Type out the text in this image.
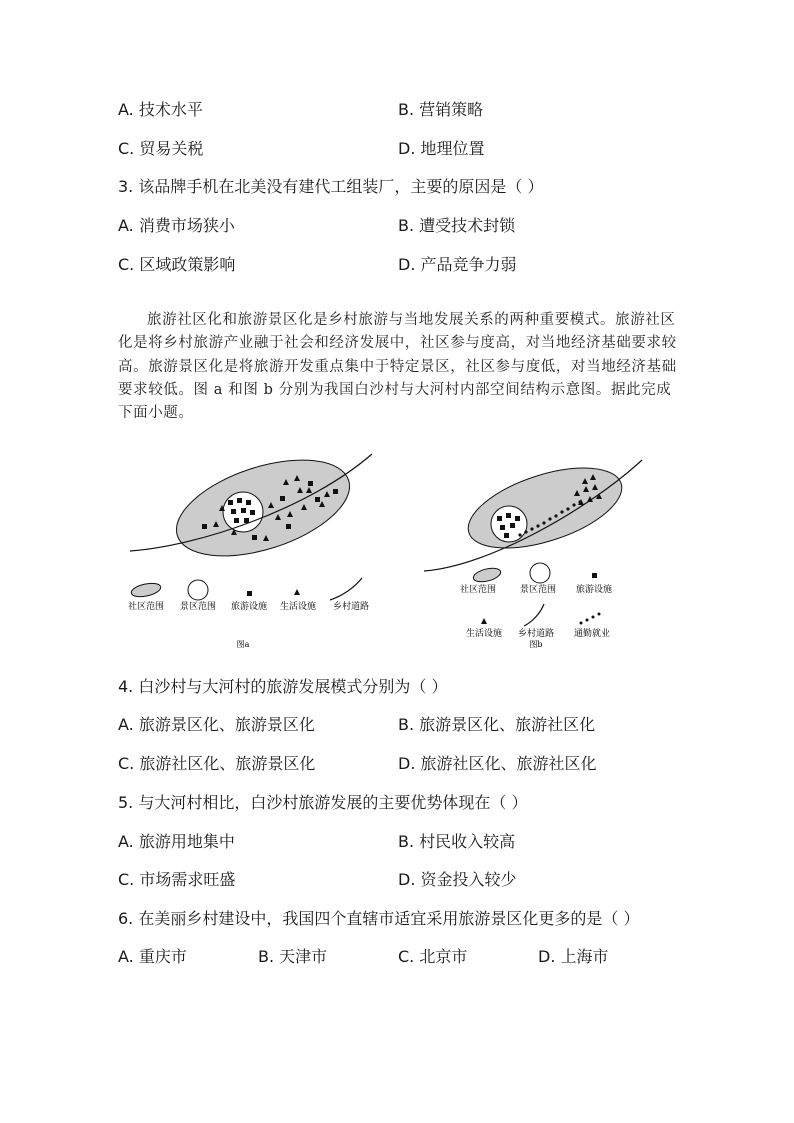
A. 技术水平	B. 营销策略
C. 贸易关税	D. 地理位置
3. 该品牌手机在北美没有建代工组装厂，主要的原因是（ ）
A. 消费市场狭小	B. 遭受技术封锁
C. 区域政策影响	D. 产品竞争力弱

旅游社区化和旅游景区化是乡村旅游与当地发展关系的两种重要模式。旅游社区化是将乡村旅游产业融于社会和经济发展中，社区参与度高，对当地经济基础要求较高。旅游景区化是将旅游开发重点集中于特定景区，社区参与度低，对当地经济基础要求较低。图 a 和图 b 分别为我国白沙村与大河村内部空间结构示意图。据此完成下面小题。

社区范围 景区范围 旅游设施 生活设施 乡村道路
图a
社区范围	景区范围 旅游设施
生活设施 乡村道路 通勤就业
图b
4. 白沙村与大河村的旅游发展模式分别为（ ）
A. 旅游景区化、旅游景区化	B. 旅游景区化、旅游社区化
C. 旅游社区化、旅游景区化	D. 旅游社区化、旅游社区化
5. 与大河村相比，白沙村旅游发展的主要优势体现在（ ）
A. 旅游用地集中	B. 村民收入较高
C. 市场需求旺盛	D. 资金投入较少
6. 在美丽乡村建设中，我国四个直辖市适宜采用旅游景区化更多的是（ ）
A. 重庆市	B. 天津市	C. 北京市	D. 上海市
